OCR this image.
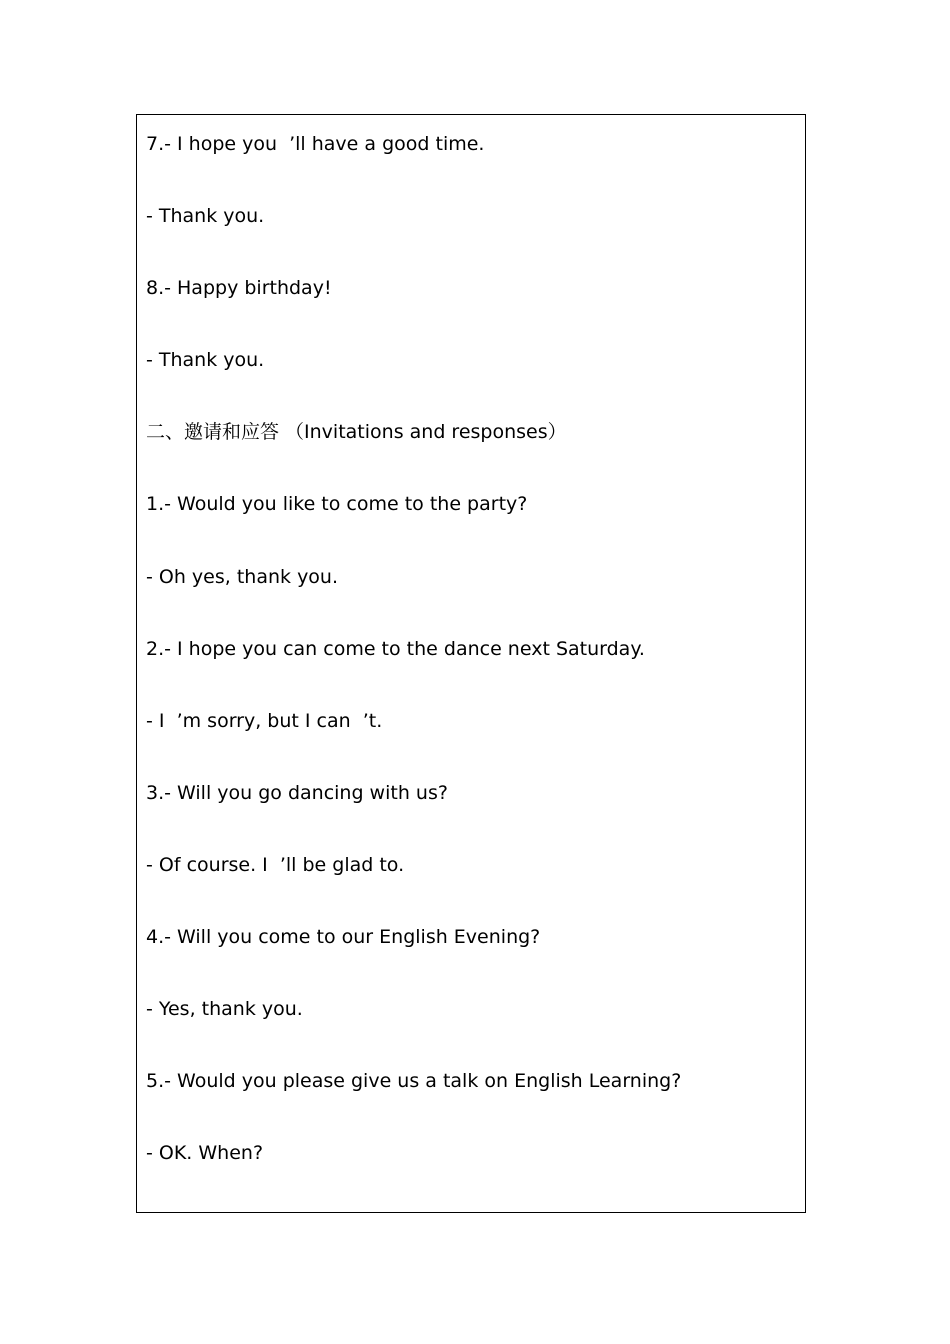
7.- I hope you  ’ll have a good time.
- Thank you.
8.- Happy birthday!
- Thank you.
二、邀请和应答 （Invitations and responses）
1.- Would you like to come to the party?
- Oh yes, thank you.
2.- I hope you can come to the dance next Saturday.
- I  ’m sorry, but I can  ’t.
3.- Will you go dancing with us?
- Of course. I  ’ll be glad to.
4.- Will you come to our English Evening?
- Yes, thank you.
5.- Would you please give us a talk on English Learning?
- OK. When?
